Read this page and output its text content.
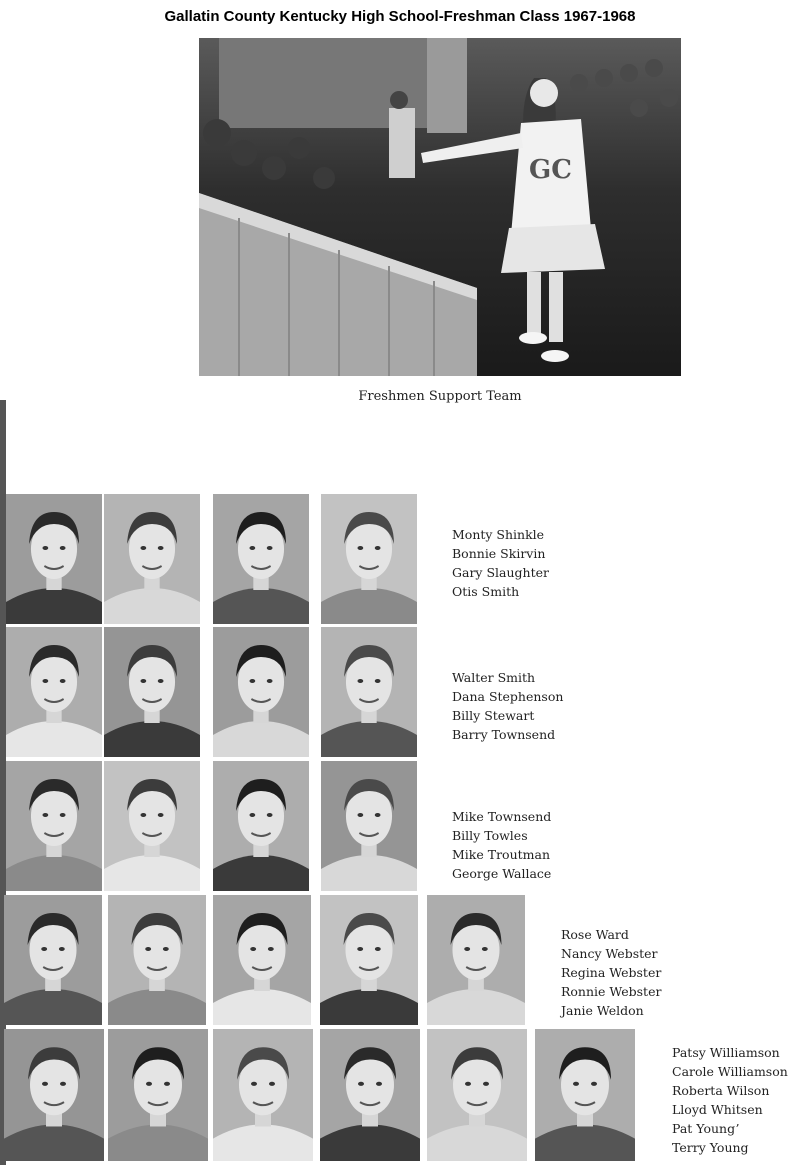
Gallatin County Kentucky High School-Freshman Class 1967-1968
GC
Freshmen Support Team
Monty Shinkle
Bonnie Skirvin
Gary Slaughter
Otis Smith
Walter Smith
Dana Stephenson
Billy Stewart
Barry Townsend
Mike Townsend
Billy Towles
Mike Troutman
George Wallace
Rose Ward
Nancy Webster
Regina Webster
Ronnie Webster
Janie Weldon
Patsy Williamson
Carole Williamson
Roberta Wilson
Lloyd Whitsen
Pat Youngʼ
Terry Young
